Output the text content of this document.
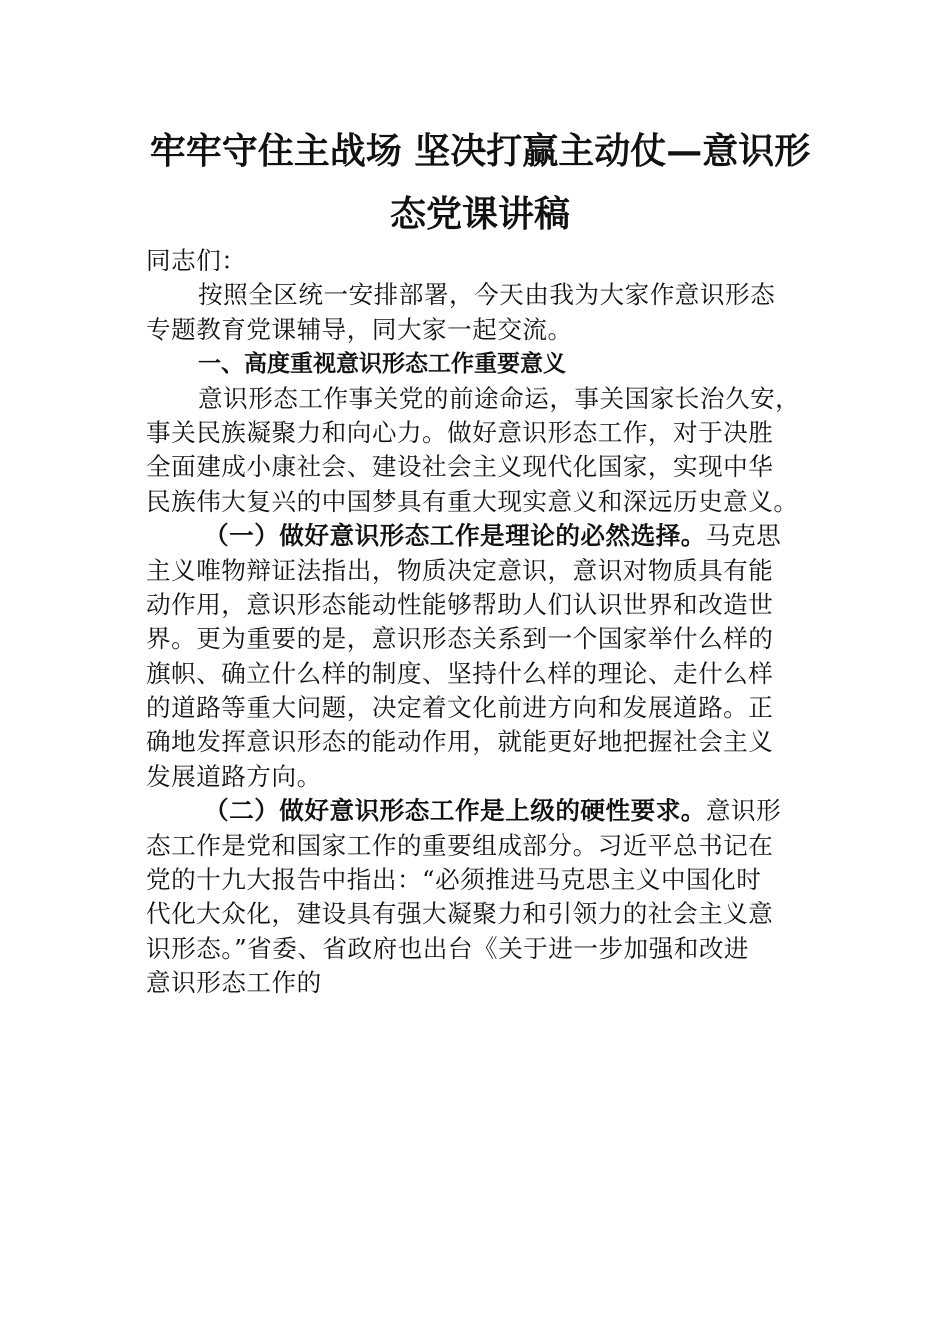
牢牢守住主战场 坚决打赢主动仗—意识形
态党课讲稿
同志们：
按照全区统一安排部署，今天由我为大家作意识形态
专题教育党课辅导，同大家一起交流。
一、高度重视意识形态工作重要意义
意识形态工作事关党的前途命运，事关国家长治久安，
事关民族凝聚力和向心力。做好意识形态工作，对于决胜
全面建成小康社会、建设社会主义现代化国家，实现中华
民族伟大复兴的中国梦具有重大现实意义和深远历史意义。
（一）做好意识形态工作是理论的必然选择。马克思
主义唯物辩证法指出，物质决定意识，意识对物质具有能
动作用，意识形态能动性能够帮助人们认识世界和改造世
界。更为重要的是，意识形态关系到一个国家举什么样的
旗帜、确立什么样的制度、坚持什么样的理论、走什么样
的道路等重大问题，决定着文化前进方向和发展道路。正
确地发挥意识形态的能动作用，就能更好地把握社会主义
发展道路方向。
（二）做好意识形态工作是上级的硬性要求。意识形
态工作是党和国家工作的重要组成部分。习近平总书记在
党的十九大报告中指出：“必须推进马克思主义中国化时
代化大众化，建设具有强大凝聚力和引领力的社会主义意
识形态。”省委、省政府也出台《关于进一步加强和改进
意识形态工作的
